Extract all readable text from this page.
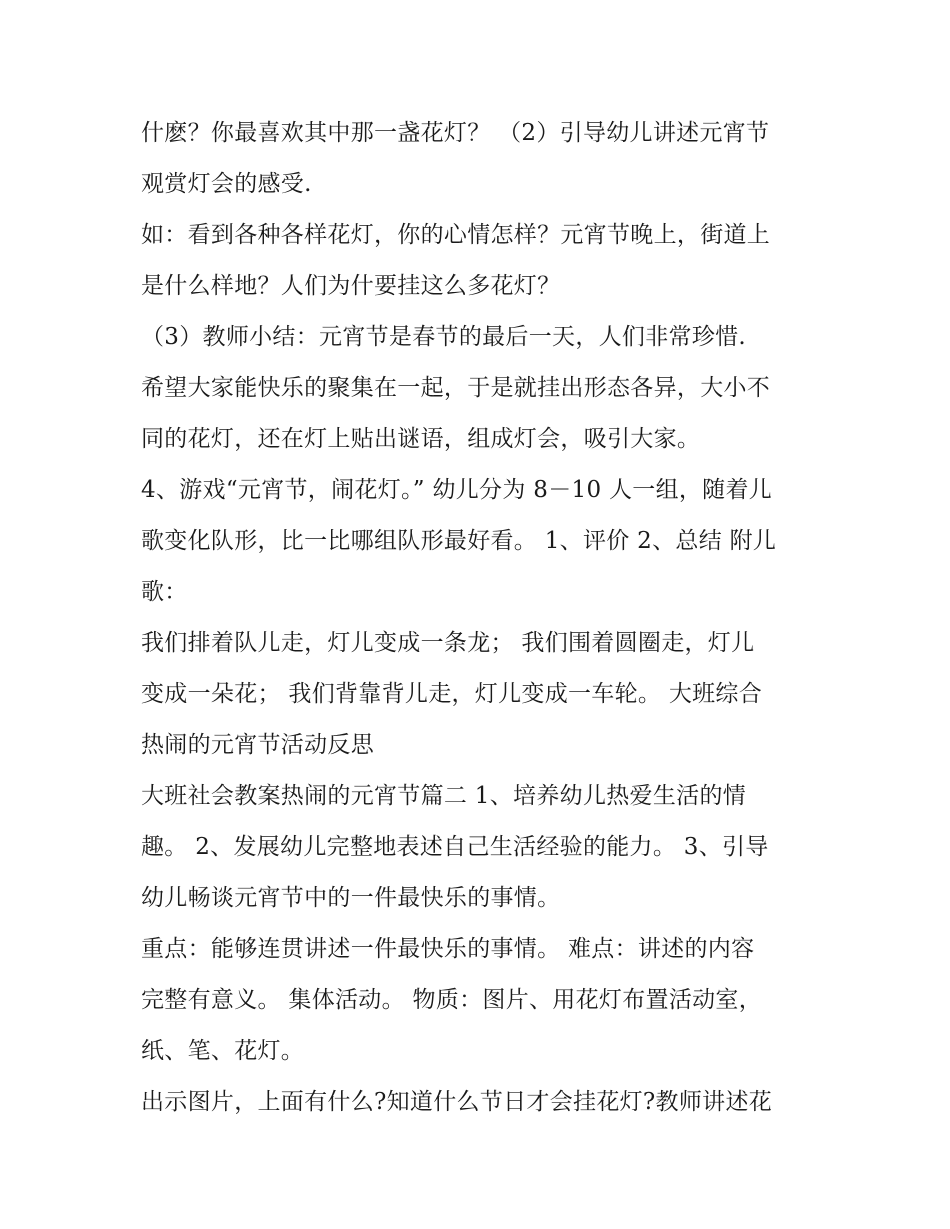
什麽？你最喜欢其中那一盏花灯？ （2）引导幼儿讲述元宵节
观赏灯会的感受.
如：看到各种各样花灯，你的心情怎样？元宵节晚上，街道上
是什么样地？人们为什要挂这么多花灯？
（3）教师小结：元宵节是春节的最后一天，人们非常珍惜.
希望大家能快乐的聚集在一起，于是就挂出形态各异，大小不
同的花灯，还在灯上贴出谜语，组成灯会，吸引大家。
4、游戏“元宵节，闹花灯。” 幼儿分为 8－10 人一组，随着儿
歌变化队形，比一比哪组队形最好看。 1、评价 2、总结 附儿
歌：
我们排着队儿走，灯儿变成一条龙； 我们围着圆圈走，灯儿
变成一朵花； 我们背靠背儿走，灯儿变成一车轮。 大班综合
热闹的元宵节活动反思
大班社会教案热闹的元宵节篇二 1、培养幼儿热爱生活的情
趣。 2、发展幼儿完整地表述自己生活经验的能力。 3、引导
幼儿畅谈元宵节中的一件最快乐的事情。
重点：能够连贯讲述一件最快乐的事情。 难点：讲述的内容
完整有意义。 集体活动。 物质：图片、用花灯布置活动室，
纸、笔、花灯。
出示图片，上面有什么?知道什么节日才会挂花灯?教师讲述花
